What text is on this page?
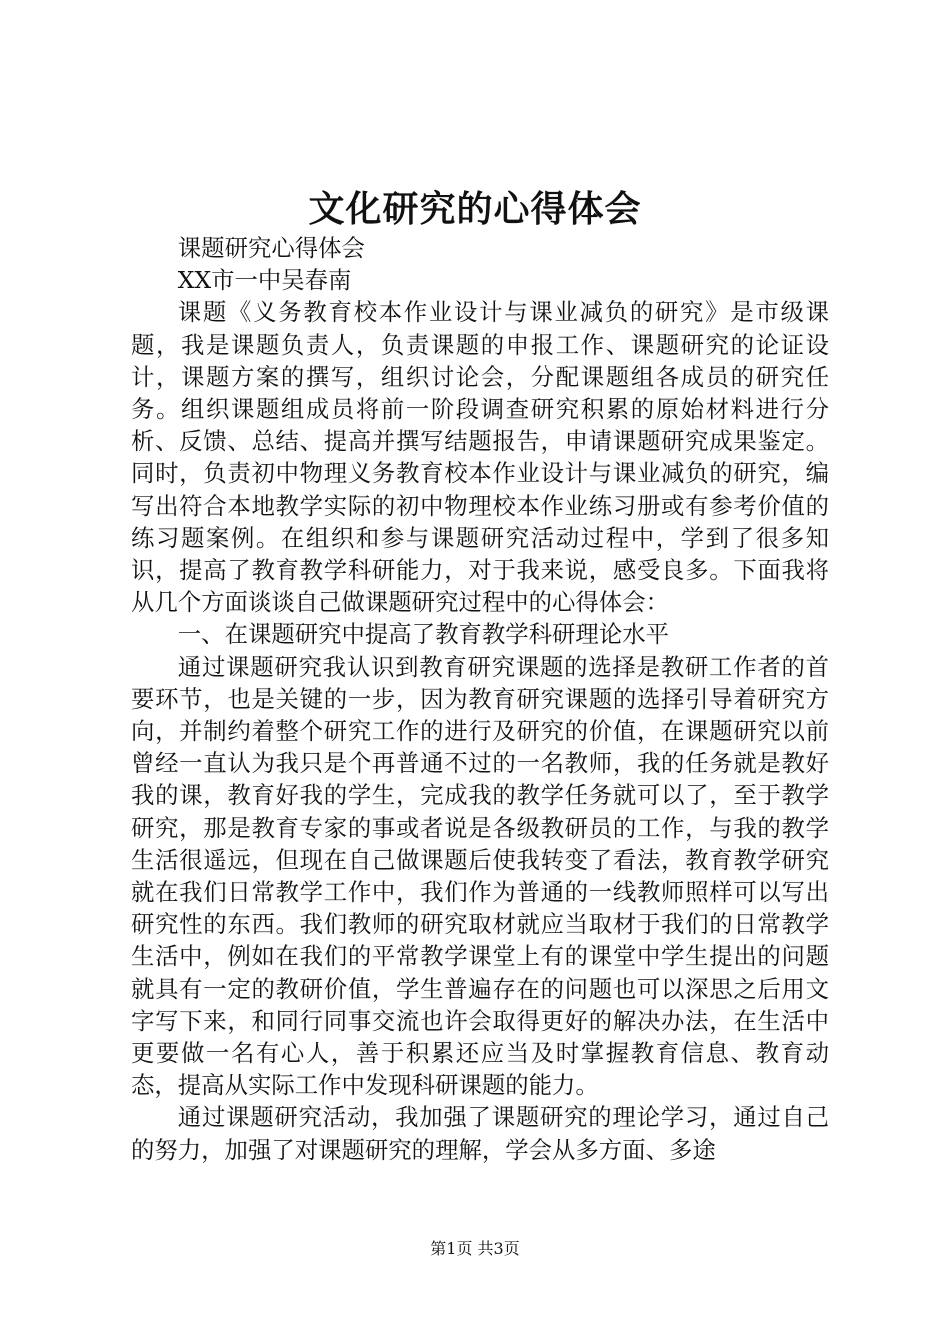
文化研究的心得体会

课题研究心得体会

XX市一中吴春南

课题《义务教育校本作业设计与课业减负的研究》是市级课题，我是课题负责人，负责课题的申报工作、课题研究的论证设计，课题方案的撰写，组织讨论会，分配课题组各成员的研究任务。组织课题组成员将前一阶段调查研究积累的原始材料进行分析、反馈、总结、提高并撰写结题报告，申请课题研究成果鉴定。同时，负责初中物理义务教育校本作业设计与课业减负的研究，编写出符合本地教学实际的初中物理校本作业练习册或有参考价值的练习题案例。在组织和参与课题研究活动过程中，学到了很多知识，提高了教育教学科研能力，对于我来说，感受良多。下面我将从几个方面谈谈自己做课题研究过程中的心得体会：

一、在课题研究中提高了教育教学科研理论水平

通过课题研究我认识到教育研究课题的选择是教研工作者的首要环节，也是关键的一步，因为教育研究课题的选择引导着研究方向，并制约着整个研究工作的进行及研究的价值，在课题研究以前曾经一直认为我只是个再普通不过的一名教师，我的任务就是教好我的课，教育好我的学生，完成我的教学任务就可以了，至于教学研究，那是教育专家的事或者说是各级教研员的工作，与我的教学生活很遥远，但现在自己做课题后使我转变了看法，教育教学研究就在我们日常教学工作中，我们作为普通的一线教师照样可以写出研究性的东西。我们教师的研究取材就应当取材于我们的日常教学生活中，例如在我们的平常教学课堂上有的课堂中学生提出的问题就具有一定的教研价值，学生普遍存在的问题也可以深思之后用文字写下来，和同行同事交流也许会取得更好的解决办法，在生活中更要做一名有心人，善于积累还应当及时掌握教育信息、教育动态，提高从实际工作中发现科研课题的能力。

通过课题研究活动，我加强了课题研究的理论学习，通过自己的努力，加强了对课题研究的理解，学会从多方面、多途

第1页 共3页
